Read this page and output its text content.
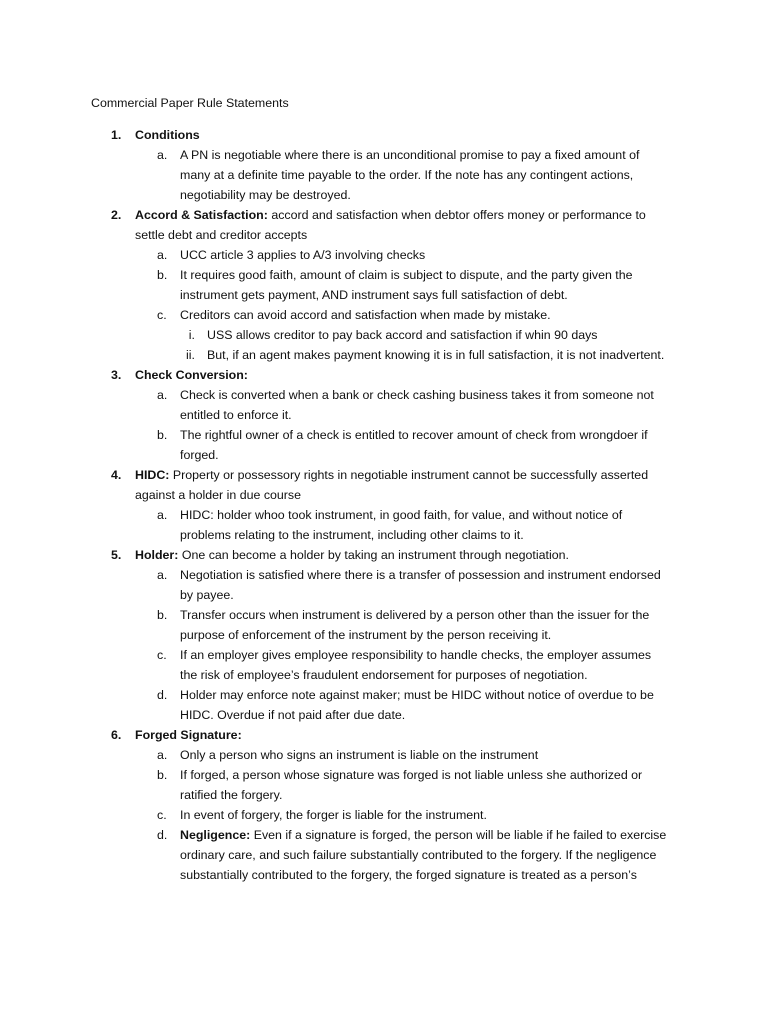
Commercial Paper Rule Statements
1. Conditions
a. A PN is negotiable where there is an unconditional promise to pay a fixed amount of many at a definite time payable to the order. If the note has any contingent actions, negotiability may be destroyed.
2. Accord & Satisfaction: accord and satisfaction when debtor offers money or performance to settle debt and creditor accepts
a. UCC article 3 applies to A/3 involving checks
b. It requires good faith, amount of claim is subject to dispute, and the party given the instrument gets payment, AND instrument says full satisfaction of debt.
c. Creditors can avoid accord and satisfaction when made by mistake.
i. USS allows creditor to pay back accord and satisfaction if whin 90 days
ii. But, if an agent makes payment knowing it is in full satisfaction, it is not inadvertent.
3. Check Conversion:
a. Check is converted when a bank or check cashing business takes it from someone not entitled to enforce it.
b. The rightful owner of a check is entitled to recover amount of check from wrongdoer if forged.
4. HIDC: Property or possessory rights in negotiable instrument cannot be successfully asserted against a holder in due course
a. HIDC: holder whoo took instrument, in good faith, for value, and without notice of problems relating to the instrument, including other claims to it.
5. Holder: One can become a holder by taking an instrument through negotiation.
a. Negotiation is satisfied where there is a transfer of possession and instrument endorsed by payee.
b. Transfer occurs when instrument is delivered by a person other than the issuer for the purpose of enforcement of the instrument by the person receiving it.
c. If an employer gives employee responsibility to handle checks, the employer assumes the risk of employee’s fraudulent endorsement for purposes of negotiation.
d. Holder may enforce note against maker; must be HIDC without notice of overdue to be HIDC. Overdue if not paid after due date.
6. Forged Signature:
a. Only a person who signs an instrument is liable on the instrument
b. If forged, a person whose signature was forged is not liable unless she authorized or ratified the forgery.
c. In event of forgery, the forger is liable for the instrument.
d. Negligence: Even if a signature is forged, the person will be liable if he failed to exercise ordinary care, and such failure substantially contributed to the forgery. If the negligence substantially contributed to the forgery, the forged signature is treated as a person’s
